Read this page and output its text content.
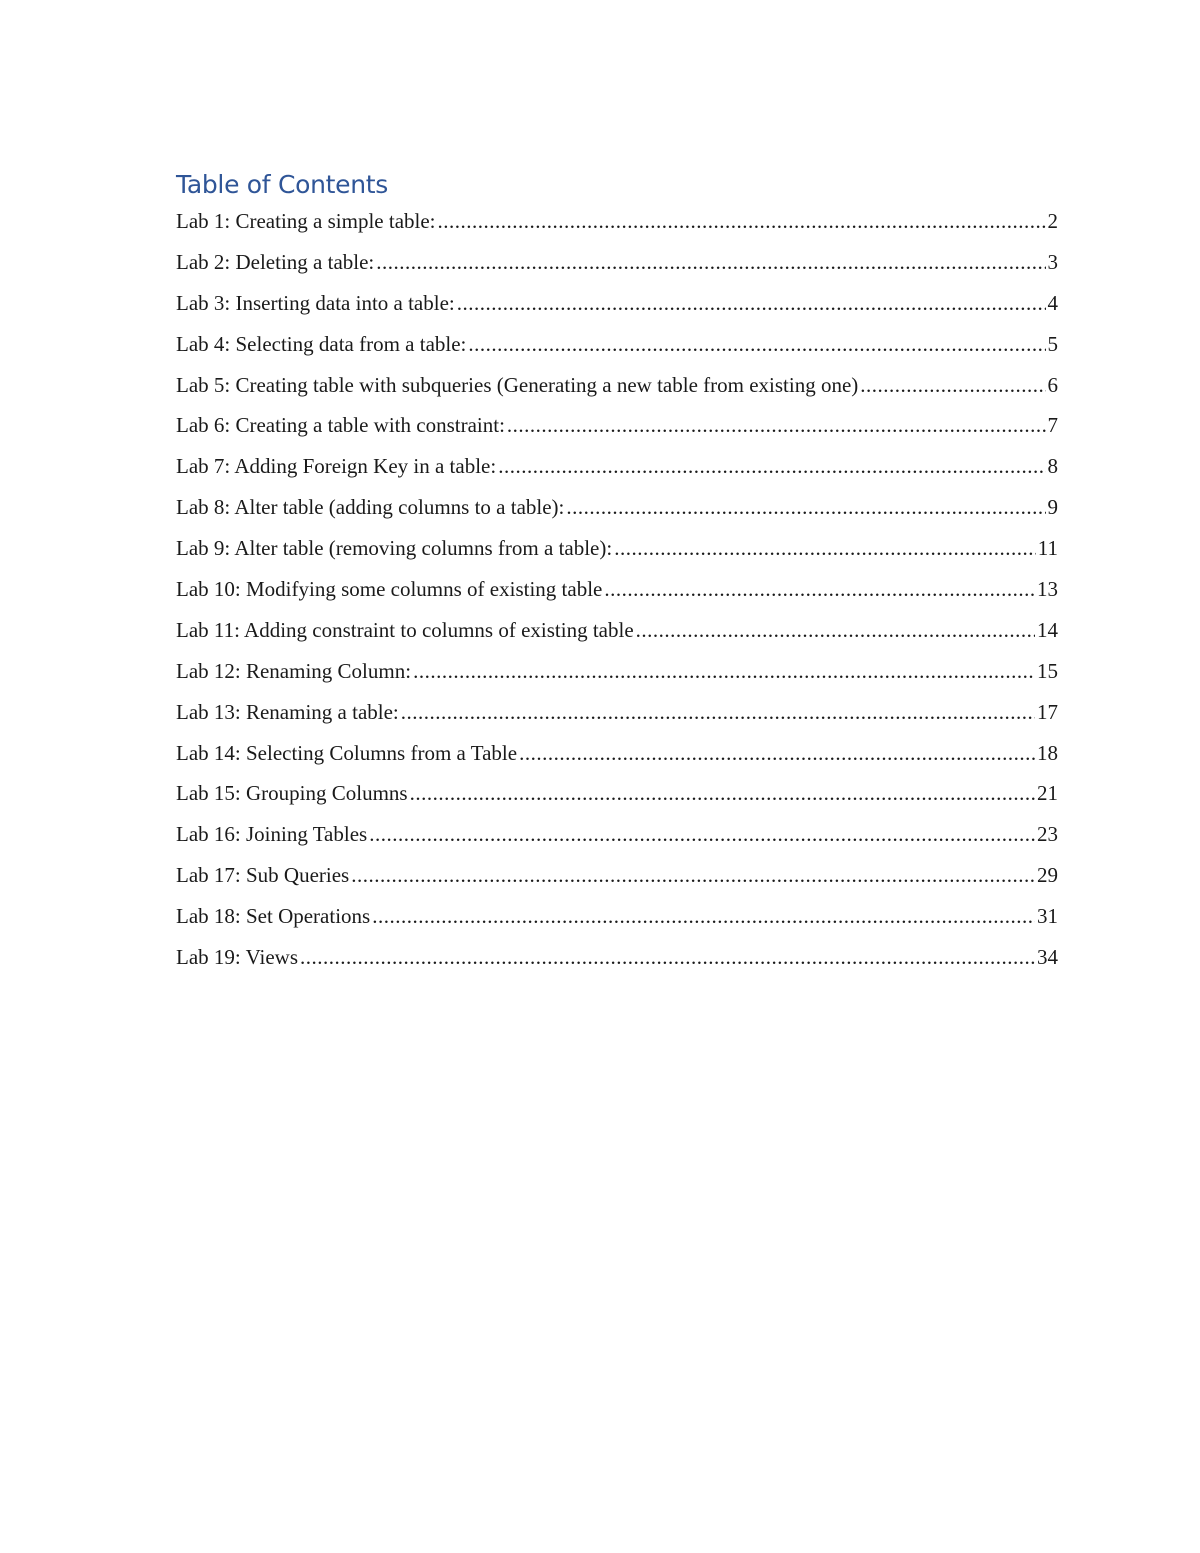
Table of Contents
Lab 1: Creating a simple table: .....	2
Lab 2: Deleting a table: .....	3
Lab 3: Inserting data into a table: .....	4
Lab 4: Selecting data from a table: .....	5
Lab 5: Creating table with subqueries (Generating a new table from existing one) .....	6
Lab 6: Creating a table with constraint: .....	7
Lab 7: Adding Foreign Key in a table: .....	8
Lab 8: Alter table (adding columns to a table): .....	9
Lab 9: Alter table (removing columns from a table): .....	11
Lab 10: Modifying some columns of existing table .....	13
Lab 11: Adding constraint to columns of existing table .....	14
Lab 12: Renaming Column: .....	15
Lab 13: Renaming a table: .....	17
Lab 14: Selecting Columns from a Table .....	18
Lab 15: Grouping Columns .....	21
Lab 16: Joining Tables .....	23
Lab 17: Sub Queries .....	29
Lab 18: Set Operations .....	31
Lab 19: Views .....	34
